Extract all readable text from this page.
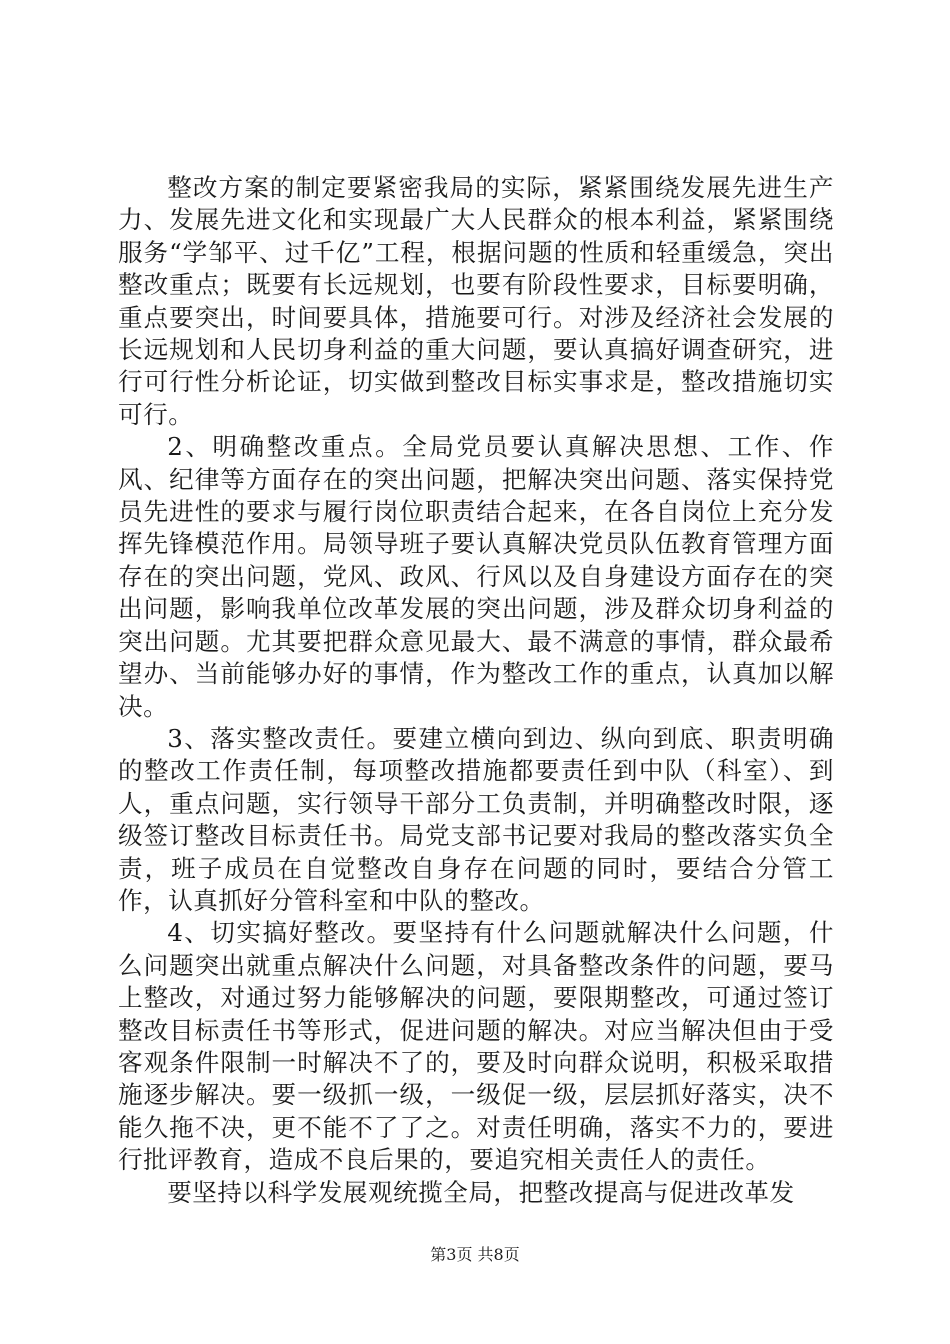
整改方案的制定要紧密我局的实际，紧紧围绕发展先进生产力、发展先进文化和实现最广大人民群众的根本利益，紧紧围绕服务“学邹平、过千亿”工程，根据问题的性质和轻重缓急，突出整改重点；既要有长远规划，也要有阶段性要求，目标要明确，重点要突出，时间要具体，措施要可行。对涉及经济社会发展的长远规划和人民切身利益的重大问题，要认真搞好调查研究，进行可行性分析论证，切实做到整改目标实事求是，整改措施切实可行。

2、明确整改重点。全局党员要认真解决思想、工作、作风、纪律等方面存在的突出问题，把解决突出问题、落实保持党员先进性的要求与履行岗位职责结合起来，在各自岗位上充分发挥先锋模范作用。局领导班子要认真解决党员队伍教育管理方面存在的突出问题，党风、政风、行风以及自身建设方面存在的突出问题，影响我单位改革发展的突出问题，涉及群众切身利益的突出问题。尤其要把群众意见最大、最不满意的事情，群众最希望办、当前能够办好的事情，作为整改工作的重点，认真加以解决。

3、落实整改责任。要建立横向到边、纵向到底、职责明确的整改工作责任制，每项整改措施都要责任到中队（科室）、到人，重点问题，实行领导干部分工负责制，并明确整改时限，逐级签订整改目标责任书。局党支部书记要对我局的整改落实负全责，班子成员在自觉整改自身存在问题的同时，要结合分管工作，认真抓好分管科室和中队的整改。

4、切实搞好整改。要坚持有什么问题就解决什么问题，什么问题突出就重点解决什么问题，对具备整改条件的问题，要马上整改，对通过努力能够解决的问题，要限期整改，可通过签订整改目标责任书等形式，促进问题的解决。对应当解决但由于受客观条件限制一时解决不了的，要及时向群众说明，积极采取措施逐步解决。要一级抓一级，一级促一级，层层抓好落实，决不能久拖不决，更不能不了了之。对责任明确，落实不力的，要进行批评教育，造成不良后果的，要追究相关责任人的责任。

要坚持以科学发展观统揽全局，把整改提高与促进改革发

第3页 共8页
